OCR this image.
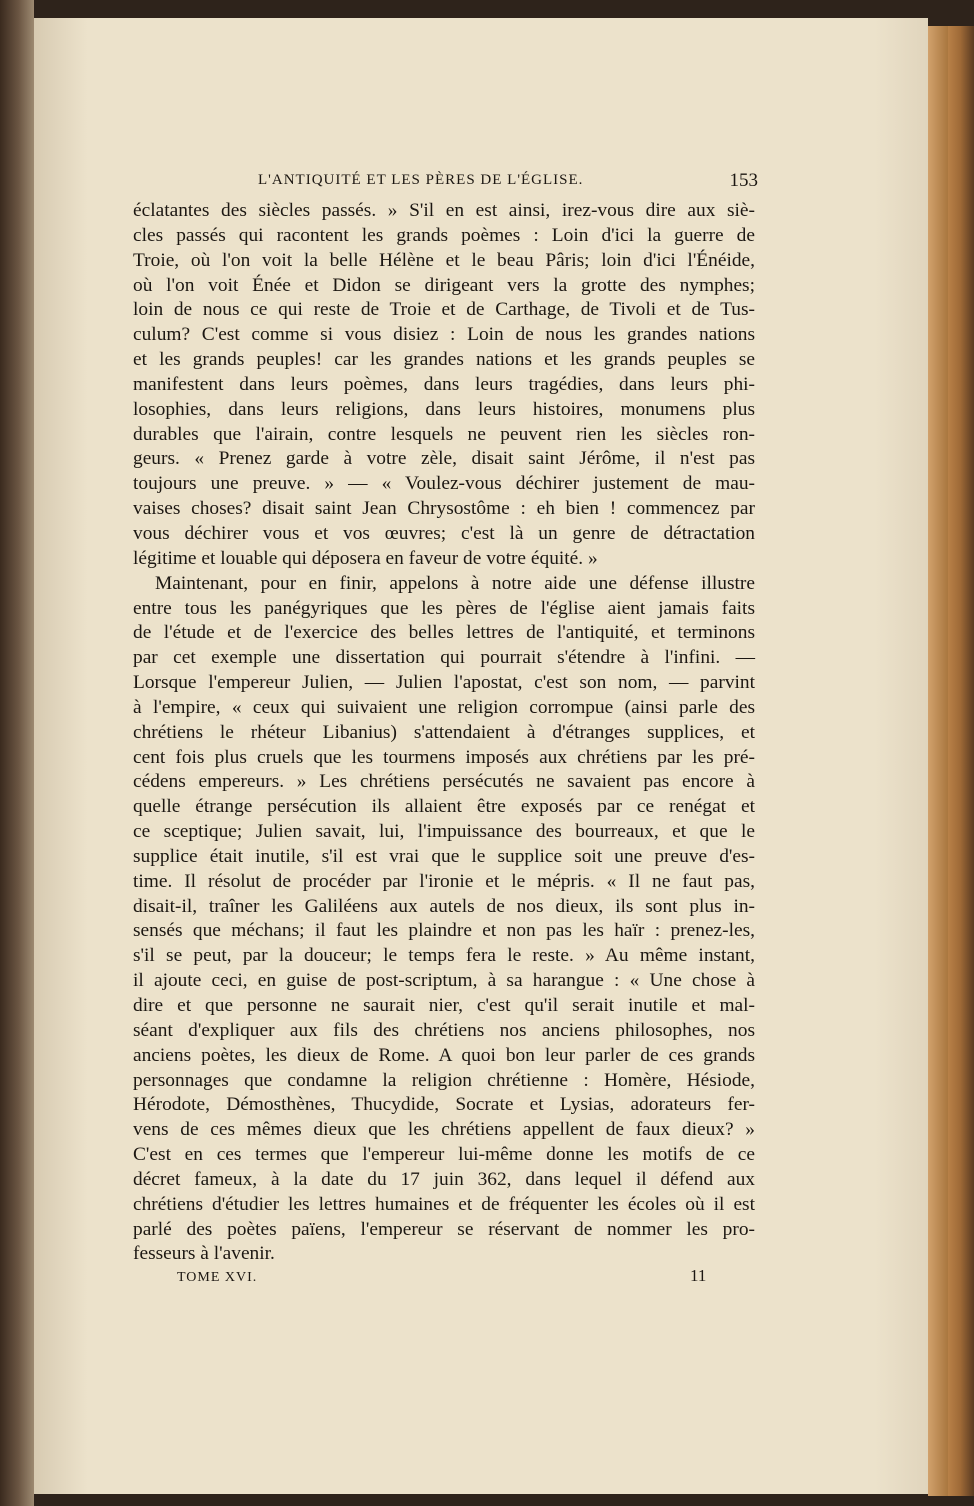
L'ANTIQUITÉ ET LES PÈRES DE L'ÉGLISE.	153
éclatantes des siècles passés. » S'il en est ainsi, irez-vous dire aux siè-
cles passés qui racontent les grands poèmes : Loin d'ici la guerre de
Troie, où l'on voit la belle Hélène et le beau Pâris; loin d'ici l'Énéide,
où l'on voit Énée et Didon se dirigeant vers la grotte des nymphes;
loin de nous ce qui reste de Troie et de Carthage, de Tivoli et de Tus-
culum? C'est comme si vous disiez : Loin de nous les grandes nations
et les grands peuples! car les grandes nations et les grands peuples se
manifestent dans leurs poèmes, dans leurs tragédies, dans leurs phi-
losophies, dans leurs religions, dans leurs histoires, monumens plus
durables que l'airain, contre lesquels ne peuvent rien les siècles ron-
geurs. « Prenez garde à votre zèle, disait saint Jérôme, il n'est pas
toujours une preuve. » — « Voulez-vous déchirer justement de mau-
vaises choses? disait saint Jean Chrysostôme : eh bien ! commencez par
vous déchirer vous et vos œuvres; c'est là un genre de détractation
légitime et louable qui déposera en faveur de votre équité. »
Maintenant, pour en finir, appelons à notre aide une défense illustre
entre tous les panégyriques que les pères de l'église aient jamais faits
de l'étude et de l'exercice des belles lettres de l'antiquité, et terminons
par cet exemple une dissertation qui pourrait s'étendre à l'infini. —
Lorsque l'empereur Julien, — Julien l'apostat, c'est son nom, — parvint
à l'empire, « ceux qui suivaient une religion corrompue (ainsi parle des
chrétiens le rhéteur Libanius) s'attendaient à d'étranges supplices, et
cent fois plus cruels que les tourmens imposés aux chrétiens par les pré-
cédens empereurs. » Les chrétiens persécutés ne savaient pas encore à
quelle étrange persécution ils allaient être exposés par ce renégat et
ce sceptique; Julien savait, lui, l'impuissance des bourreaux, et que le
supplice était inutile, s'il est vrai que le supplice soit une preuve d'es-
time. Il résolut de procéder par l'ironie et le mépris. « Il ne faut pas,
disait-il, traîner les Galiléens aux autels de nos dieux, ils sont plus in-
sensés que méchans; il faut les plaindre et non pas les haïr : prenez-les,
s'il se peut, par la douceur; le temps fera le reste. » Au même instant,
il ajoute ceci, en guise de post-scriptum, à sa harangue : « Une chose à
dire et que personne ne saurait nier, c'est qu'il serait inutile et mal-
séant d'expliquer aux fils des chrétiens nos anciens philosophes, nos
anciens poètes, les dieux de Rome. A quoi bon leur parler de ces grands
personnages que condamne la religion chrétienne : Homère, Hésiode,
Hérodote, Démosthènes, Thucydide, Socrate et Lysias, adorateurs fer-
vens de ces mêmes dieux que les chrétiens appellent de faux dieux? »
C'est en ces termes que l'empereur lui-même donne les motifs de ce
décret fameux, à la date du 17 juin 362, dans lequel il défend aux
chrétiens d'étudier les lettres humaines et de fréquenter les écoles où il est
parlé des poètes païens, l'empereur se réservant de nommer les pro-
fesseurs à l'avenir.
TOME XVI.	11
